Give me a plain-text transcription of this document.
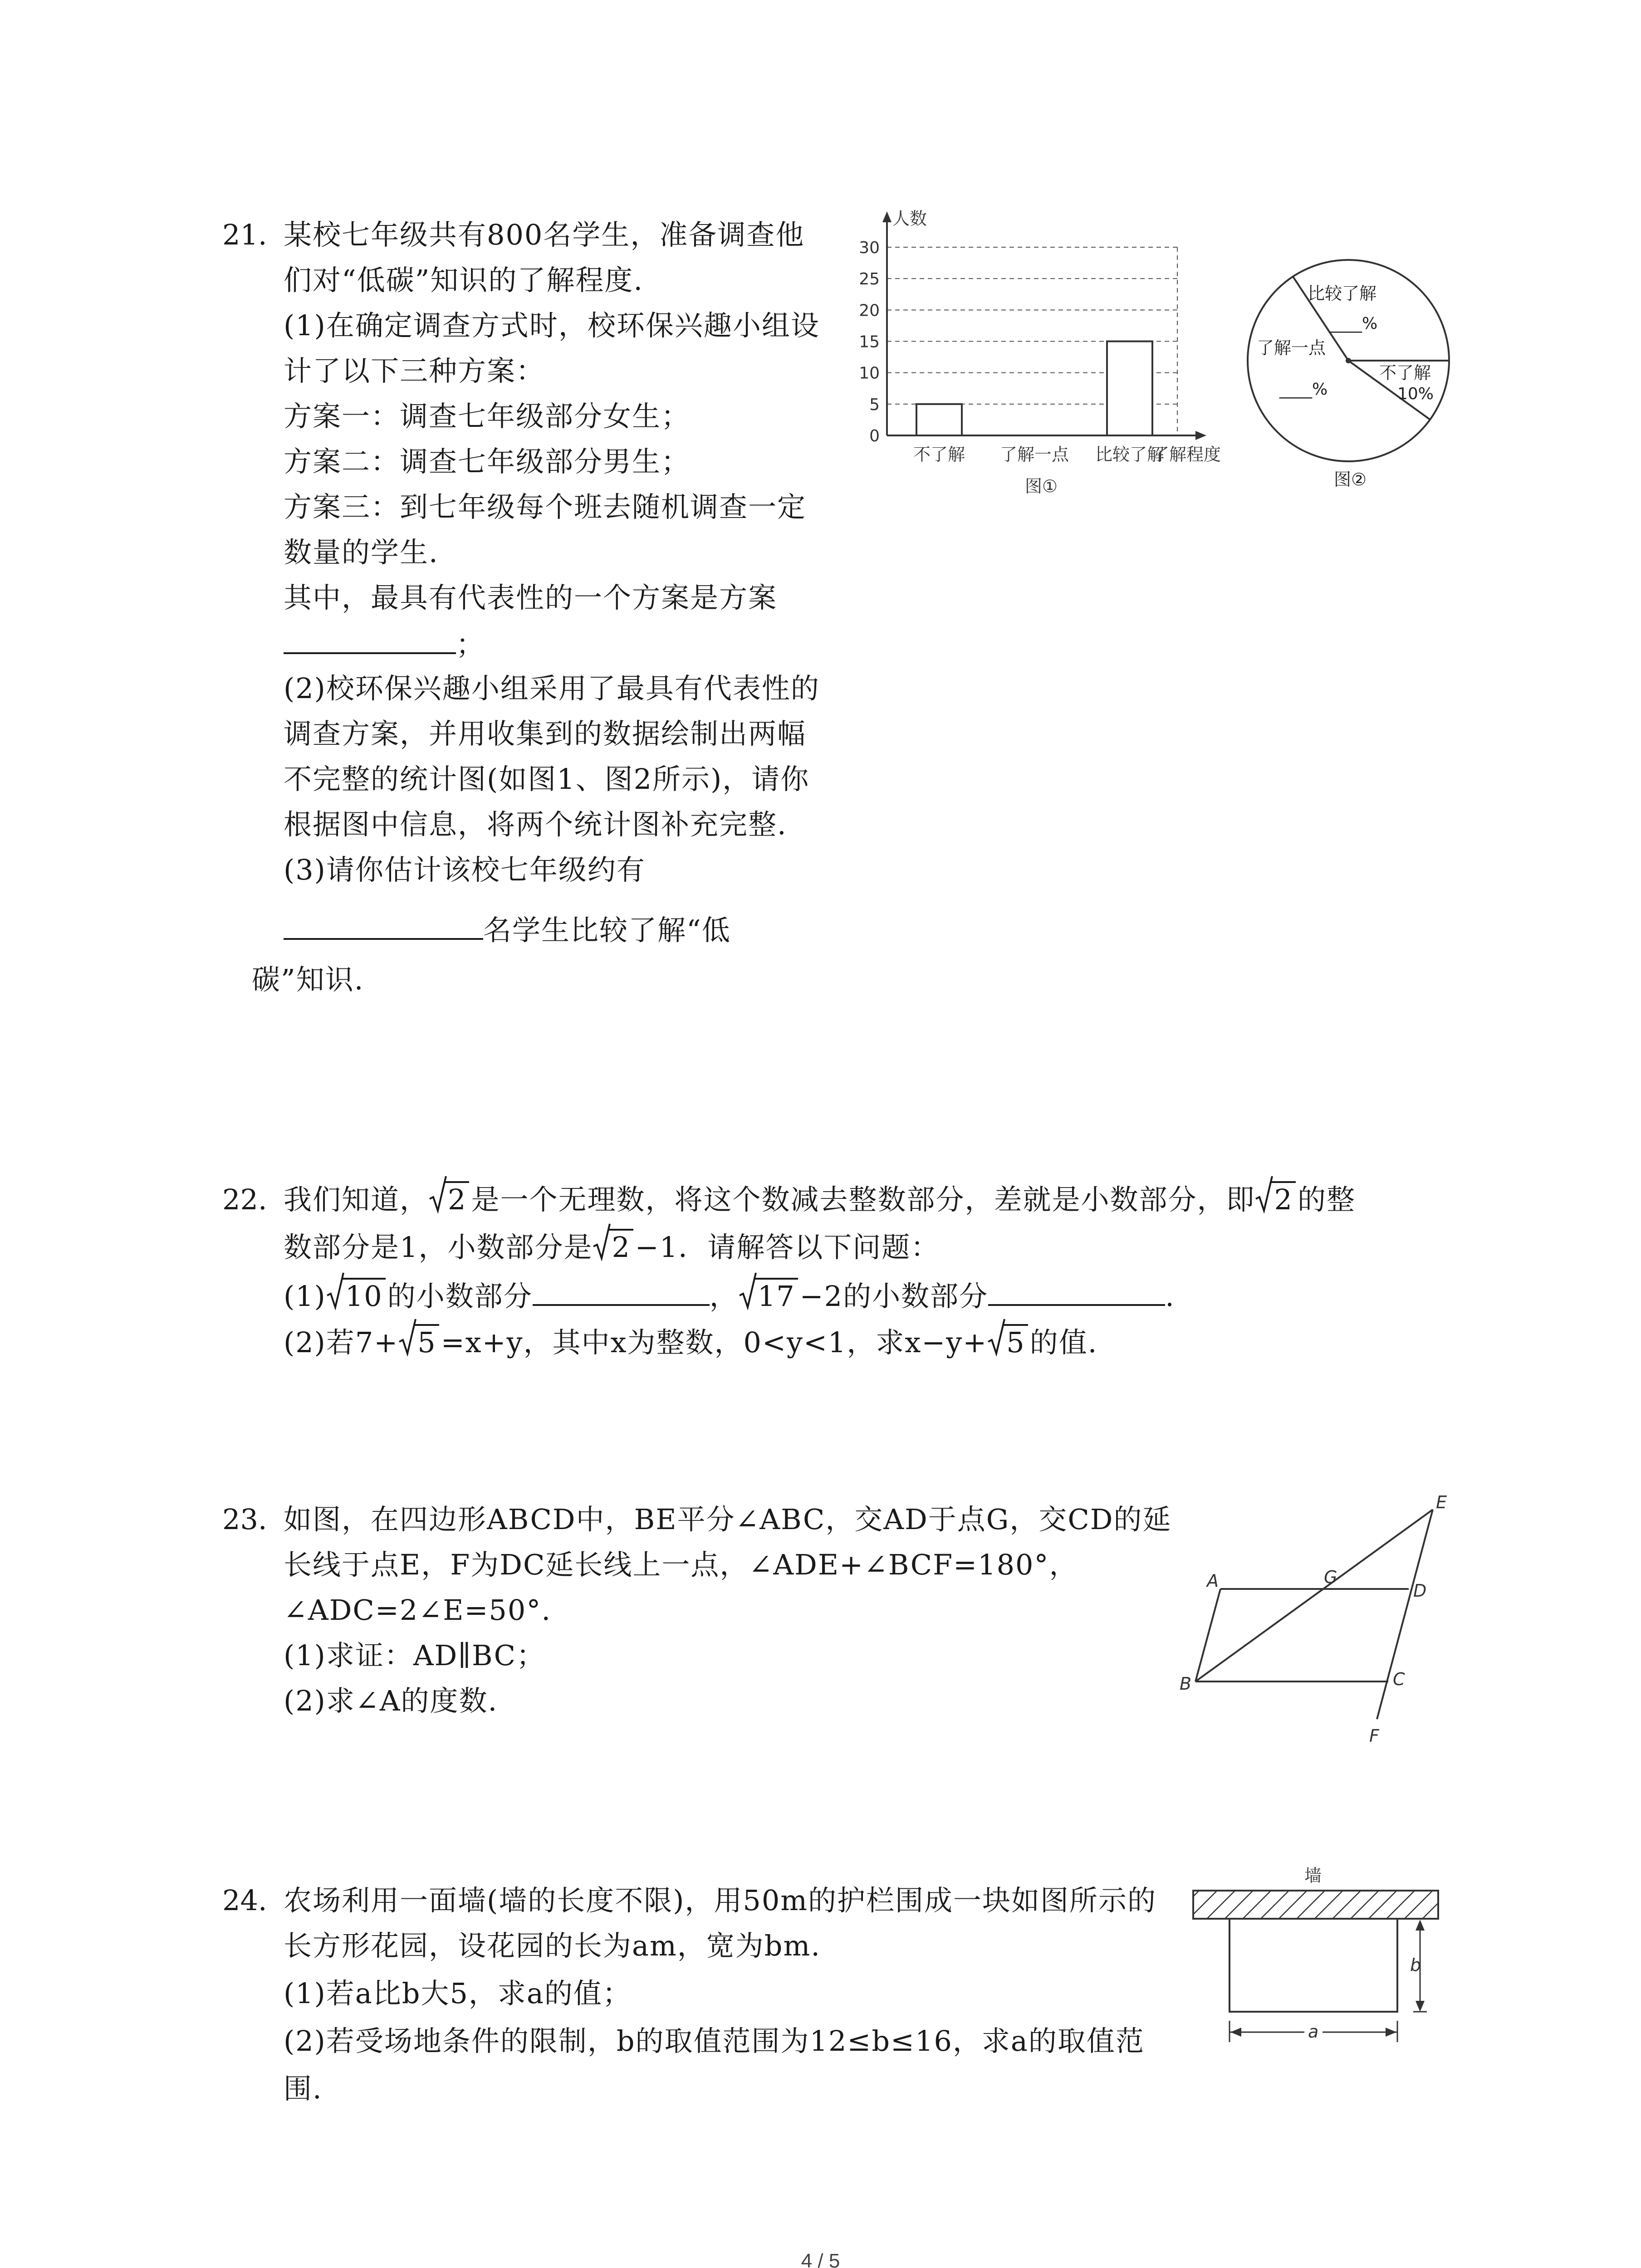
21. 某校七年级共有800名学生，准备调查他
们对“低碳”知识的了解程度.
(1)在确定调查方式时，校环保兴趣小组设
计了以下三种方案：
方案一：调查七年级部分女生；
方案二：调查七年级部分男生；
方案三：到七年级每个班去随机调查一定
数量的学生.
其中，最具有代表性的一个方案是方案
；
(2)校环保兴趣小组采用了最具有代表性的
调查方案，并用收集到的数据绘制出两幅
不完整的统计图(如图1、图2所示)，请你
根据图中信息，将两个统计图补充完整.
(3)请你估计该校七年级约有
名学生比较了解“低
碳”知识.
0
5
10
15
20
25
30
人数
了解程度
不了解 了解一点 比较了解
图①
比较了解
____%
了解一点
____%
不了解
10%
图②
22. 我们知道， 2 是一个无理数，将这个数减去整数部分，差就是小数部分，即 2 的整
数部分是1，小数部分是 2 −1．请解答以下问题：
(1) 10 的小数部分	， 17 −2的小数部分	.
(2)若7+ 5 =x+y，其中x为整数，0<y<1，求x−y+ 5 的值.
23. 如图，在四边形ABCD中，BE平分∠ABC，交AD于点G，交CD的延
长线于点E，F为DC延长线上一点，∠ADE+∠BCF=180°，
∠ADC=2∠E=50°.
(1)求证：AD∥BC；
(2)求∠A的度数.
E
A	G
D
B	C
F
24. 农场利用一面墙(墙的长度不限)，用50m的护栏围成一块如图所示的
长方形花园，设花园的长为am，宽为bm.
(1)若a比b大5，求a的值；
(2)若受场地条件的限制，b的取值范围为12≤b≤16，求a的取值范
围.
墙
b
a
4 / 5
